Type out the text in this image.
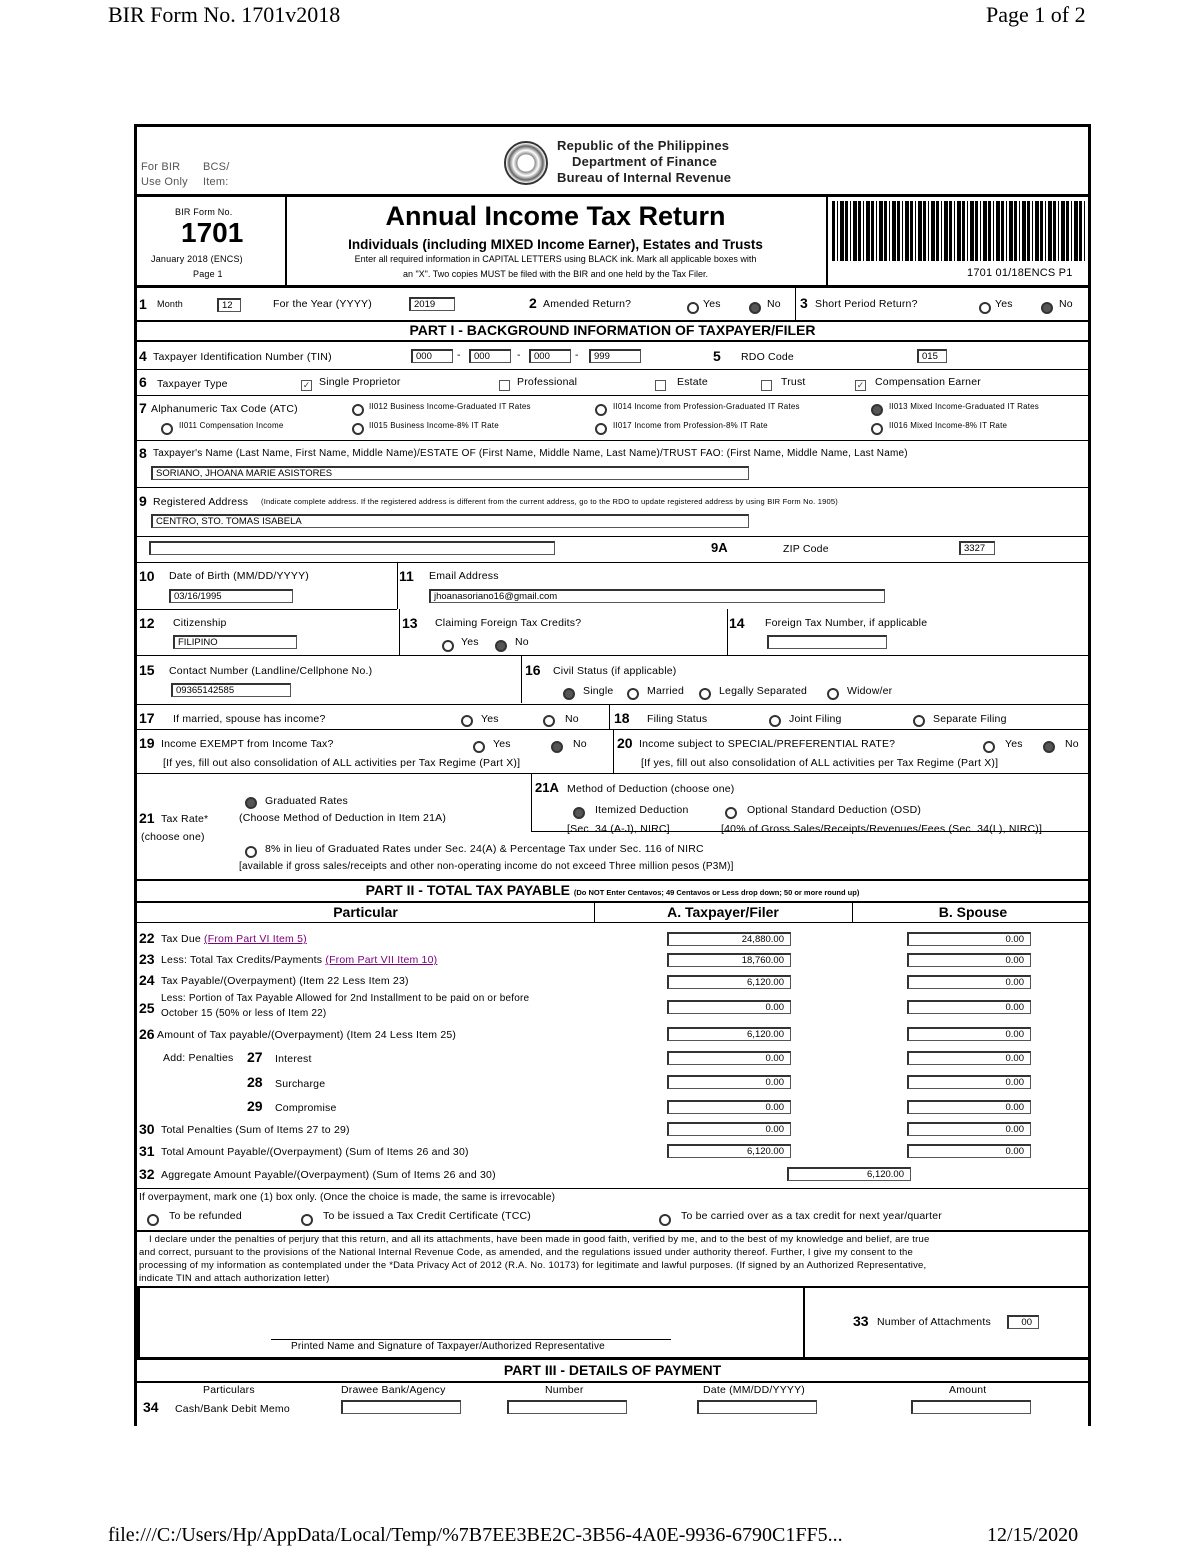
BIR Form No. 1701v2018	Page 1 of 2
For BIR
Use Only
BCS/
Item:
Republic of the Philippines
Department of Finance
Bureau of Internal Revenue
BIR Form No.
1701
January 2018 (ENCS)
Page 1
Annual Income Tax Return
Individuals (including MIXED Income Earner), Estates and Trusts
Enter all required information in CAPITAL LETTERS using BLACK ink. Mark all applicable boxes with
an "X". Two copies MUST be filed with the BIR and one held by the Tax Filer.	1701 01/18ENCS P1
1 Month	12	For the Year (YYYY)	2019	2 Amended Return?	Yes	No 3 Short Period Return?	Yes	No
PART I - BACKGROUND INFORMATION OF TAXPAYER/FILER
4 Taxpayer Identification Number (TIN)	000	-	000	-	000	-	999	5 RDO Code	015
6 Taxpayer Type	✓ Single Proprietor	Professional	Estate	Trust	✓ Compensation Earner
7 Alphanumeric Tax Code (ATC)	II012 Business Income-Graduated IT Rates	II014 Income from Profession-Graduated IT Rates	II013 Mixed Income-Graduated IT Rates
II011 Compensation Income	II015 Business Income-8% IT Rate	II017 Income from Profession-8% IT Rate	II016 Mixed Income-8% IT Rate
8 Taxpayer's Name (Last Name, First Name, Middle Name)/ESTATE OF (First Name, Middle Name, Last Name)/TRUST FAO: (First Name, Middle Name, Last Name)
SORIANO, JHOANA MARIE ASISTORES
9 Registered Address (Indicate complete address. If the registered address is different from the current address, go to the RDO to update registered address by using BIR Form No. 1905)
CENTRO, STO. TOMAS ISABELA
9A	ZIP Code	3327
10 Date of Birth (MM/DD/YYYY)
03/16/1995
11 Email Address
jhoanasoriano16@gmail.com
12 Citizenship
FILIPINO
13 Claiming Foreign Tax Credits?
Yes	No
14 Foreign Tax Number, if applicable
15 Contact Number (Landline/Cellphone No.)
09365142585
16 Civil Status (if applicable)
Single	Married	Legally Separated	Widow/er
17 If married, spouse has income?	Yes	No	18 Filing Status	Joint Filing	Separate Filing
19 Income EXEMPT from Income Tax?	Yes	No
[If yes, fill out also consolidation of ALL activities per Tax Regime (Part X)]
20 Income subject to SPECIAL/PREFERENTIAL RATE?	Yes	No
[If yes, fill out also consolidation of ALL activities per Tax Regime (Part X)]
21A Method of Deduction (choose one)
Graduated Rates
21 Tax Rate*	(Choose Method of Deduction in Item 21A)
(choose one)
Itemized Deduction
[Sec. 34 (A-J), NIRC]
Optional Standard Deduction (OSD)
[40% of Gross Sales/Receipts/Revenues/Fees (Sec. 34(L), NIRC)]
8% in lieu of Graduated Rates under Sec. 24(A) & Percentage Tax under Sec. 116 of NIRC
[available if gross sales/receipts and other non-operating income do not exceed Three million pesos (P3M)]
PART II - TOTAL TAX PAYABLE (Do NOT Enter Centavos; 49 Centavos or Less drop down; 50 or more round up)
Particular	A. Taxpayer/Filer	B. Spouse
22 Tax Due (From Part VI Item 5)	24,880.00	0.00
23 Less: Total Tax Credits/Payments (From Part VII Item 10)	18,760.00	0.00
24 Tax Payable/(Overpayment) (Item 22 Less Item 23)	6,120.00	0.00
25
Less: Portion of Tax Payable Allowed for 2nd Installment to be paid on or before
October 15 (50% or less of Item 22)
0.00	0.00
26 Amount of Tax payable/(Overpayment) (Item 24 Less Item 25)	6,120.00	0.00
Add: Penalties 27 Interest	0.00	0.00
28 Surcharge	0.00	0.00
29 Compromise	0.00	0.00
30 Total Penalties (Sum of Items 27 to 29)	0.00	0.00
31 Total Amount Payable/(Overpayment) (Sum of Items 26 and 30)	6,120.00	0.00
32 Aggregate Amount Payable/(Overpayment) (Sum of Items 26 and 30)	6,120.00
If overpayment, mark one (1) box only. (Once the choice is made, the same is irrevocable)
To be refunded	To be issued a Tax Credit Certificate (TCC)	To be carried over as a tax credit for next year/quarter
I declare under the penalties of perjury that this return, and all its attachments, have been made in good faith, verified by me, and to the best of my knowledge and belief, are true
and correct, pursuant to the provisions of the National Internal Revenue Code, as amended, and the regulations issued under authority thereof. Further, I give my consent to the
processing of my information as contemplated under the *Data Privacy Act of 2012 (R.A. No. 10173) for legitimate and lawful purposes. (If signed by an Authorized Representative,
indicate TIN and attach authorization letter)
Printed Name and Signature of Taxpayer/Authorized Representative
33 Number of Attachments	00
PART III - DETAILS OF PAYMENT
Particulars	Drawee Bank/Agency	Number	Date (MM/DD/YYYY)	Amount
34 Cash/Bank Debit Memo
file:///C:/Users/Hp/AppData/Local/Temp/%7B7EE3BE2C-3B56-4A0E-9936-6790C1FF5...	12/15/2020
